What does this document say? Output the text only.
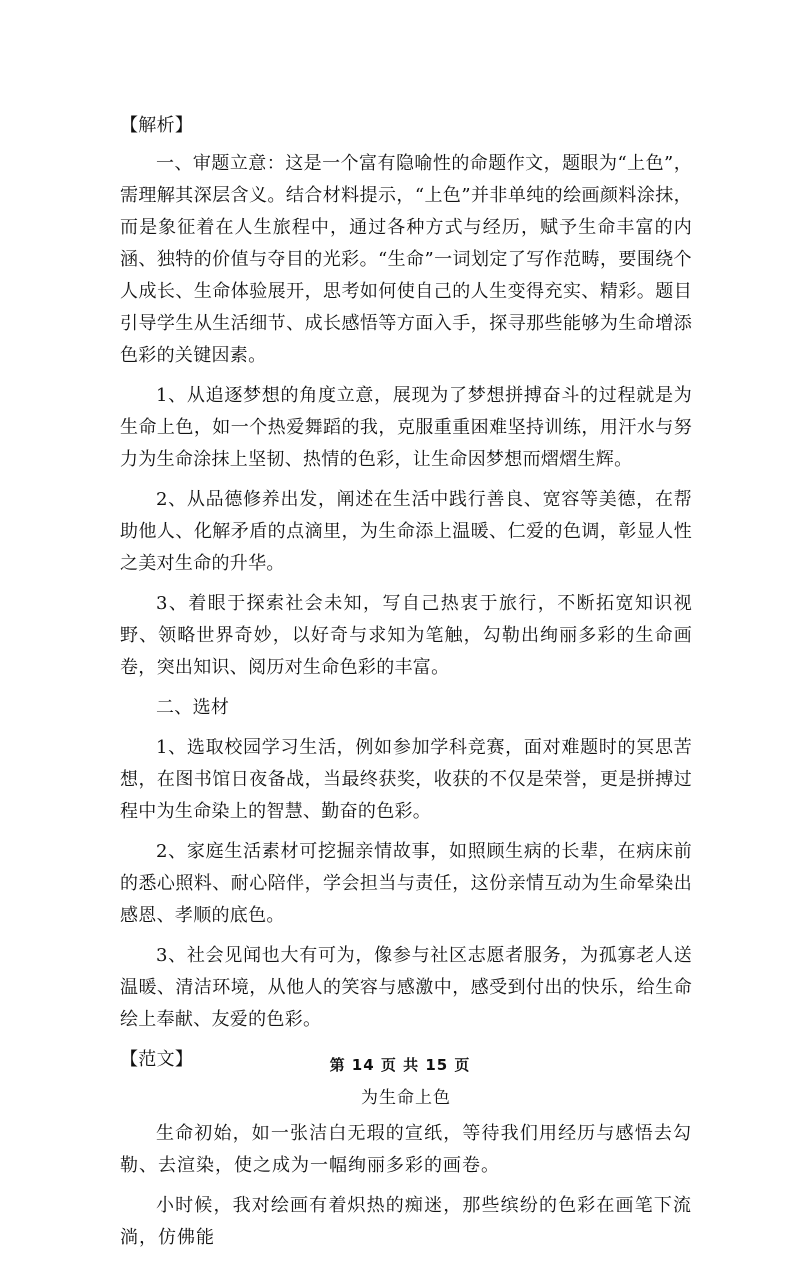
【解析】

一、审题立意：这是一个富有隐喻性的命题作文，题眼为“上色”，需理解其深层含义。结合材料提示，“上色”并非单纯的绘画颜料涂抹，而是象征着在人生旅程中，通过各种方式与经历，赋予生命丰富的内涵、独特的价值与夺目的光彩。“生命”一词划定了写作范畴，要围绕个人成长、生命体验展开，思考如何使自己的人生变得充实、精彩。题目引导学生从生活细节、成长感悟等方面入手，探寻那些能够为生命增添色彩的关键因素。

1、从追逐梦想的角度立意，展现为了梦想拼搏奋斗的过程就是为生命上色，如一个热爱舞蹈的我，克服重重困难坚持训练，用汗水与努力为生命涂抹上坚韧、热情的色彩，让生命因梦想而熠熠生辉。

2、从品德修养出发，阐述在生活中践行善良、宽容等美德，在帮助他人、化解矛盾的点滴里，为生命添上温暖、仁爱的色调，彰显人性之美对生命的升华。

3、着眼于探索社会未知，写自己热衷于旅行，不断拓宽知识视野、领略世界奇妙，以好奇与求知为笔触，勾勒出绚丽多彩的生命画卷，突出知识、阅历对生命色彩的丰富。

二、选材

1、选取校园学习生活，例如参加学科竞赛，面对难题时的冥思苦想，在图书馆日夜备战，当最终获奖，收获的不仅是荣誉，更是拼搏过程中为生命染上的智慧、勤奋的色彩。

2、家庭生活素材可挖掘亲情故事，如照顾生病的长辈，在病床前的悉心照料、耐心陪伴，学会担当与责任，这份亲情互动为生命晕染出感恩、孝顺的底色。

3、社会见闻也大有可为，像参与社区志愿者服务，为孤寡老人送温暖、清洁环境，从他人的笑容与感激中，感受到付出的快乐，给生命绘上奉献、友爱的色彩。

【范文】
为生命上色

生命初始，如一张洁白无瑕的宣纸，等待我们用经历与感悟去勾勒、去渲染，使之成为一幅绚丽多彩的画卷。

小时候，我对绘画有着炽热的痴迷，那些缤纷的色彩在画笔下流淌，仿佛能

第 14 页 共 15 页
